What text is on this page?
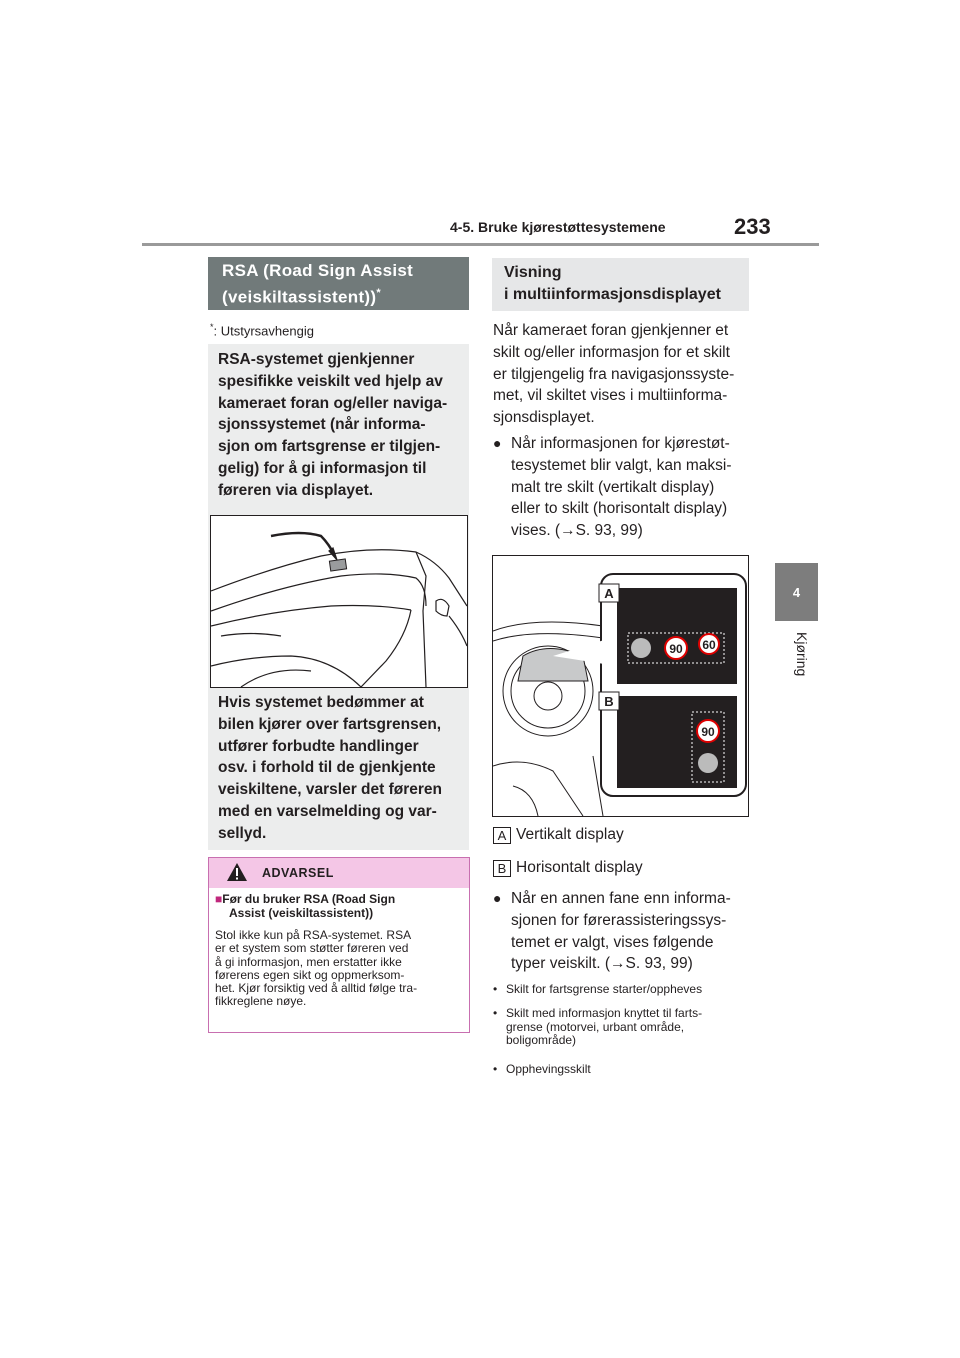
4-5. Bruke kjørestøttesystemene	233
4
Kjøring
RSA (Road Sign Assist
(veiskiltassistent))*
*: Utstyrsavhengig
RSA-systemet gjenkjenner
spesifikke veiskilt ved hjelp av
kameraet foran og/eller naviga-
sjonssystemet (når informa-
sjon om fartsgrense er tilgjen-
gelig) for å gi informasjon til
føreren via displayet.
Hvis systemet bedømmer at
bilen kjører over fartsgrensen,
utfører forbudte handlinger
osv. i forhold til de gjenkjente
veiskiltene, varsler det føreren
med en varselmelding og var-
sellyd.
ADVARSEL
■Før du bruker RSA (Road Sign
Assist (veiskiltassistent))
Stol ikke kun på RSA-systemet. RSA
er et system som støtter føreren ved
å gi informasjon, men erstatter ikke
førerens egen sikt og oppmerksom-
het. Kjør forsiktig ved å alltid følge tra-
fikkreglene nøye.
Visning
i multiinformasjonsdisplayet
Når kameraet foran gjenkjenner et
skilt og/eller informasjon for et skilt
er tilgjengelig fra navigasjonssyste-
met, vil skiltet vises i multiinforma-
sjonsdisplayet.
● Når informasjonen for kjørestøt-
tesystemet blir valgt, kan maksi-
malt tre skilt (vertikalt display)
eller to skilt (horisontalt display)
vises. (→S. 93, 99)
A
B
90 60
90
A Vertikalt display
B Horisontalt display
● Når en annen fane enn informa-
sjonen for førerassisteringssys-
temet er valgt, vises følgende
typer veiskilt. (→S. 93, 99)
• Skilt for fartsgrense starter/oppheves
• Skilt med informasjon knyttet til farts-
grense (motorvei, urbant område,
boligområde)
• Opphevingsskilt
